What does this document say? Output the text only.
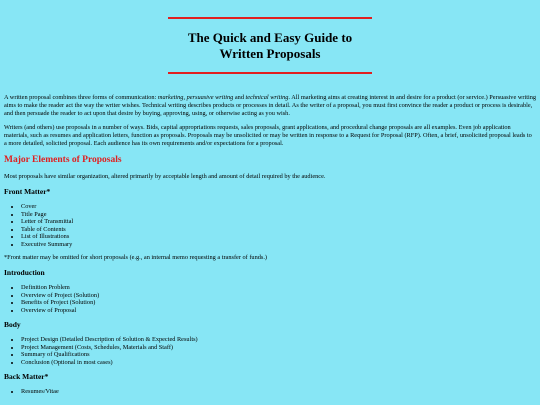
The Quick and Easy Guide to
Written Proposals

A written proposal combines three forms of communication: marketing, persuasive writing and technical writing. All marketing aims at creating interest in and desire for a product (or service.) Persuasive writing aims to make the reader act the way the writer wishes. Technical writing describes products or processes in detail. As the writer of a proposal, you must first convince the reader a product or process is desirable, and then persuade the reader to act upon that desire by buying, approving, using, or otherwise acting as you wish.

Writers (and others) use proposals in a number of ways. Bids, capital appropriations requests, sales proposals, grant applications, and procedural change proposals are all examples. Even job application materials, such as resumes and application letters, function as proposals. Proposals may be unsolicited or may be written in response to a Request for Proposal (RFP). Often, a brief, unsolicited proposal leads to a more detailed, solicited proposal. Each audience has its own requirements and/or expectations for a proposal.

Major Elements of Proposals

Most proposals have similar organization, altered primarily by acceptable length and amount of detail required by the audience.

Front Matter*
• Cover
• Title Page
• Letter of Transmittal
• Table of Contents
• List of Illustrations
• Executive Summary

*Front matter may be omitted for short proposals (e.g., an internal memo requesting a transfer of funds.)

Introduction
• Definition Problem
• Overview of Project (Solution)
• Benefits of Project (Solution)
• Overview of Proposal
Body
• Project Design (Detailed Description of Solution & Expected Results)
• Project Management (Costs, Schedules, Materials and Staff)
• Summary of Qualifications
• Conclusion (Optional in most cases)
Back Matter*
• Resumes/Vitae
